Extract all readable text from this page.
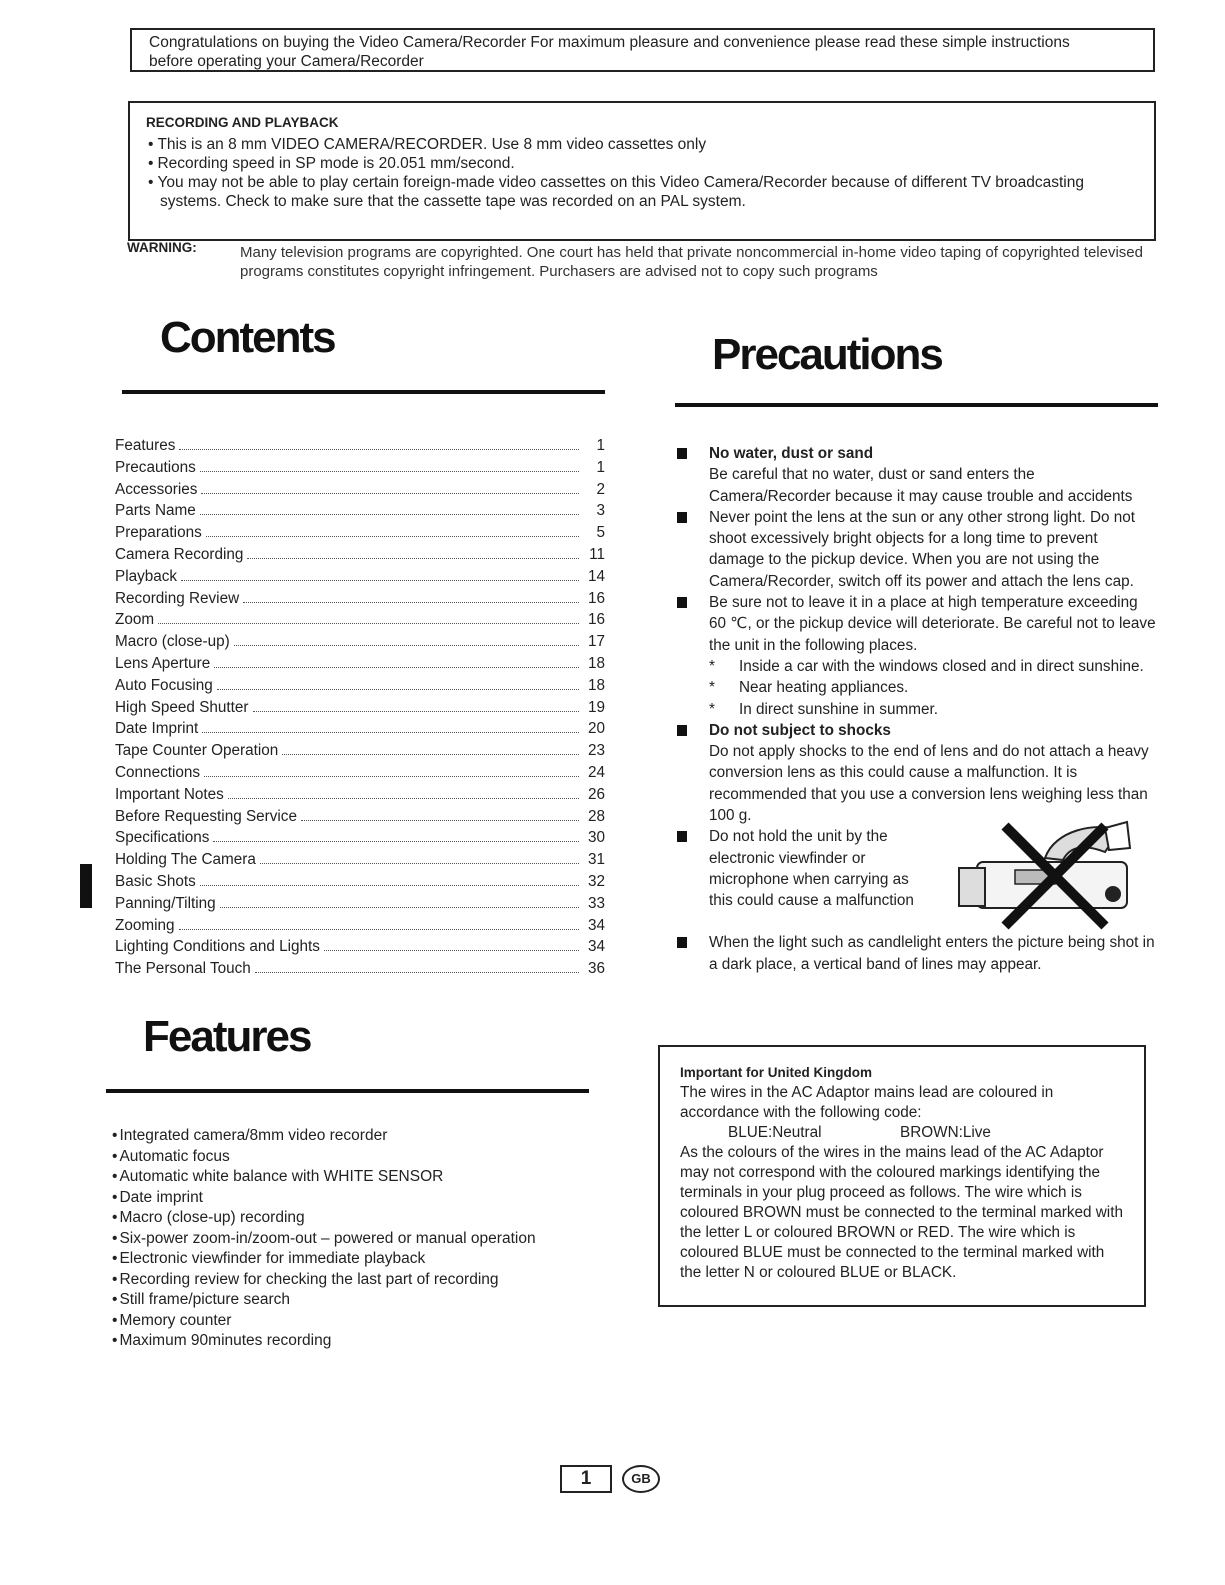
Congratulations on buying the Video Camera/Recorder For maximum pleasure and convenience please read these simple instructions

before operating your Camera/Recorder

RECORDING AND PLAYBACK
• This is an 8 mm VIDEO CAMERA/RECORDER. Use 8 mm video cassettes only
• Recording speed in SP mode is 20.051 mm/second.
• You may not be able to play certain foreign-made video cassettes on this Video Camera/Recorder because of different TV broadcasting systems. Check to make sure that the cassette tape was recorded on an PAL system.
WARNING:	Many television programs are copyrighted. One court has held that private noncommercial in-home video taping of copyrighted televised programs constitutes copyright infringement. Purchasers are advised not to copy such programs
Contents
Features	1
Precautions	1
Accessories	2
Parts Name	3
Preparations	5
Camera Recording	11
Playback	14
Recording Review	16
Zoom	16
Macro (close-up)	17
Lens Aperture	18
Auto Focusing	18
High Speed Shutter	19
Date Imprint	20
Tape Counter Operation	23
Connections	24
Important Notes	26
Before Requesting Service	28
Specifications	30
Holding The Camera	31
Basic Shots	32
Panning/Tilting	33
Zooming	34
Lighting Conditions and Lights	34
The Personal Touch	36
Features
• Integrated camera/8mm video recorder
• Automatic focus
• Automatic white balance with WHITE SENSOR
• Date imprint
• Macro (close-up) recording
• Six-power zoom-in/zoom-out – powered or manual operation
• Electronic viewfinder for immediate playback
• Recording review for checking the last part of recording
• Still frame/picture search
• Memory counter
• Maximum 90minutes recording
Precautions
No water, dust or sand
Be careful that no water, dust or sand enters the Camera/Recorder because it may cause trouble and accidents
Never point the lens at the sun or any other strong light. Do not shoot excessively bright objects for a long time to prevent damage to the pickup device. When you are not using the Camera/Recorder, switch off its power and attach the lens cap.
Be sure not to leave it in a place at high temperature exceeding 60 ℃, or the pickup device will deteriorate. Be careful not to leave the unit in the following places.
* Inside a car with the windows closed and in direct sunshine.
* Near heating appliances.
* In direct sunshine in summer.
Do not subject to shocks
Do not apply shocks to the end of lens and do not attach a heavy conversion lens as this could cause a malfunction. It is recommended that you use a conversion lens weighing less than 100 g.
Do not hold the unit by the electronic viewfinder or microphone when carrying as this could cause a malfunction
When the light such as candlelight enters the picture being shot in a dark place, a vertical band of lines may appear.
Important for United Kingdom
The wires in the AC Adaptor mains lead are coloured in accordance with the following code:
BLUE:Neutral	BROWN:Live
As the colours of the wires in the mains lead of the AC Adaptor may not correspond with the coloured markings identifying the terminals in your plug proceed as follows. The wire which is coloured BROWN must be connected to the terminal marked with the letter L or coloured BROWN or RED. The wire which is coloured BLUE must be connected to the terminal marked with the letter N or coloured BLUE or BLACK.
1	GB
